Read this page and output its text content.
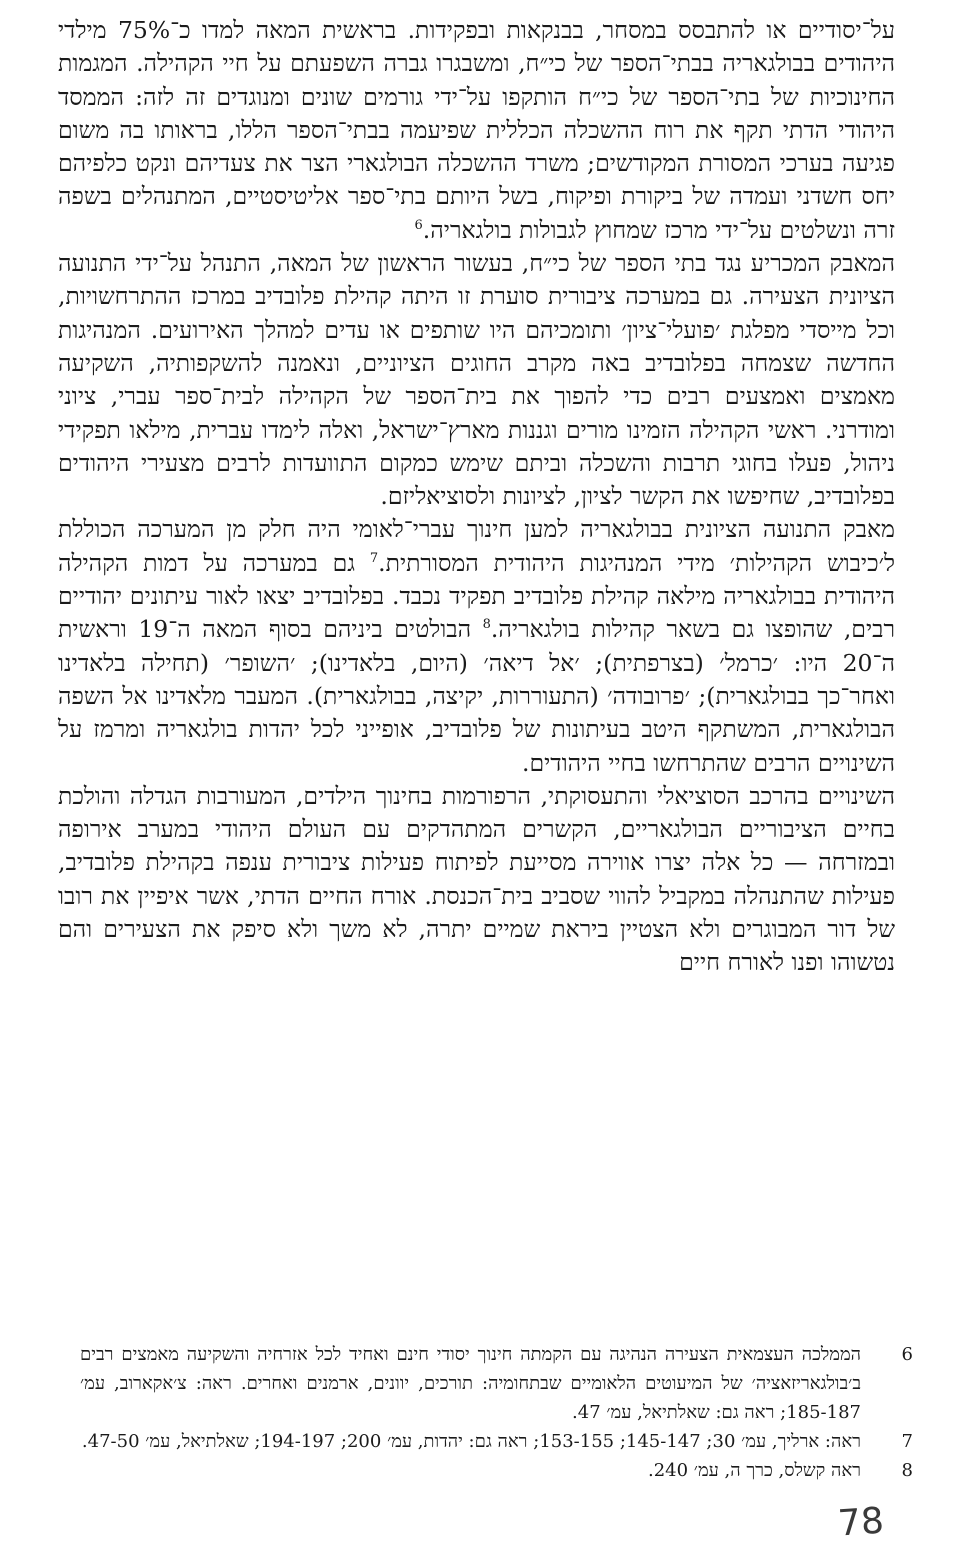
על־יסודיים או להתבסס במסחר, בבנקאות ובפקידות. בראשית המאה למדו כ־75% מילדי היהודים בבולגאריה בבתי־הספר של כי״ח, ומשבגרו גברה השפעתם על חיי הקהילה. המגמות החינוכיות של בתי־הספר של כי״ח הותקפו על־ידי גורמים שונים ומנוגדים זה לזה: הממסד היהודי הדתי תקף את רוח ההשכלה הכללית שפיעמה בבתי־הספר הללו, בראותו בה משום פגיעה בערכי המסורת המקודשים; משרד ההשכלה הבולגארי הצר את צעדיהם ונקט כלפיהם יחס חשדני ועמדה של ביקורת ופיקוח, בשל היותם בתי־ספר אליטיסטיים, המתנהלים בשפה זרה ונשלטים על־ידי מרכז שמחוץ לגבולות בולגאריה.$^6$

המאבק המכריע נגד בתי הספר של כי״ח, בעשור הראשון של המאה, התנהל על־ידי התנועה הציונית הצעירה. גם במערכה ציבורית סוערת זו היתה קהילת פלובדיב במרכז ההתרחשויות, וכל מייסדי מפלגת ׳פועלי־ציון׳ ותומכיהם היו שותפים או עדים למהלך האירועים. המנהיגות החדשה שצמחה בפלובדיב באה מקרב החוגים הציוניים, ונאמנה להשקפותיה, השקיעה מאמצים ואמצעים רבים כדי להפוך את בית־הספר של הקהילה לבית־ספר עברי, ציוני ומודרני. ראשי הקהילה הזמינו מורים וגננות מארץ־ישראל, ואלה לימדו עברית, מילאו תפקידי ניהול, פעלו בחוגי תרבות והשכלה וביתם שימש כמקום התוועדות לרבים מצעירי היהודים בפלובדיב, שחיפשו את הקשר לציון, לציונות ולסוציאליזם.

מאבק התנועה הציונית בבולגאריה למען חינוך עברי־לאומי היה חלק מן המערכה הכוללת ל׳כיבוש הקהילות׳ מידי המנהיגות היהודית המסורתית.$^7$ גם במערכה על דמות הקהילה היהודית בבולגאריה מילאה קהילת פלובדיב תפקיד נכבד. בפלובדיב יצאו לאור עיתונים יהודיים רבים, שהופצו גם בשאר קהילות בולגאריה.$^8$ הבולטים ביניהם בסוף המאה ה־19 וראשית ה־20 היו: ׳כרמל׳ (בצרפתית); ׳אל דיאה׳ (היום, בלאדינו); ׳השופר׳ (תחילה בלאדינו ואחר־כך בבולגארית); ׳פרובודה׳ (התעוררות, יקיצה, בבולגארית). המעבר מלאדינו אל השפה הבולגארית, המשתקף היטב בעיתונות של פלובדיב, אופייני לכל יהדות בולגאריה ומרמז על השינויים הרבים שהתרחשו בחיי היהודים.

השינויים בהרכב הסוציאלי והתעסוקתי, הרפורמות בחינוך הילדים, המעורבות הגדלה והולכת בחיים הציבוריים הבולגאריים, הקשרים המתהדקים עם העולם היהודי במערב אירופה ובמזרחה — כל אלה יצרו אווירה מסייעת לפיתוח פעילות ציבורית ענפה בקהילת פלובדיב, פעילות שהתנהלה במקביל להווי שסביב בית־הכנסת. אורח החיים הדתי, אשר איפיין את רובו של דור המבוגרים ולא הצטיין ביראת שמיים יתרה, לא משך ולא סיפק את הצעירים והם נטשוהו ופנו לאורח חיים

6
הממלכה העצמאית הצעירה הנהיגה עם הקמתה חינוך יסודי חינם ואחיד לכל אזרחיה והשקיעה מאמצים רבים ב׳בולגאריזאציה׳ של המיעוטים הלאומיים שבתחומיה: תורכים, יוונים, ארמנים ואחרים. ראה: צ׳אקארוב, עמ׳ 185-187; ראה גם: שאלתיאל, עמ׳ 47.
7
ראה: ארליך, עמ׳ 30; 145-147; 153-155; ראה גם: יהדות, עמ׳ 200; 194-197; שאלתיאל, עמ׳ 47-50.
8
ראה קשלס, כרך ה, עמ׳ 240.
78
